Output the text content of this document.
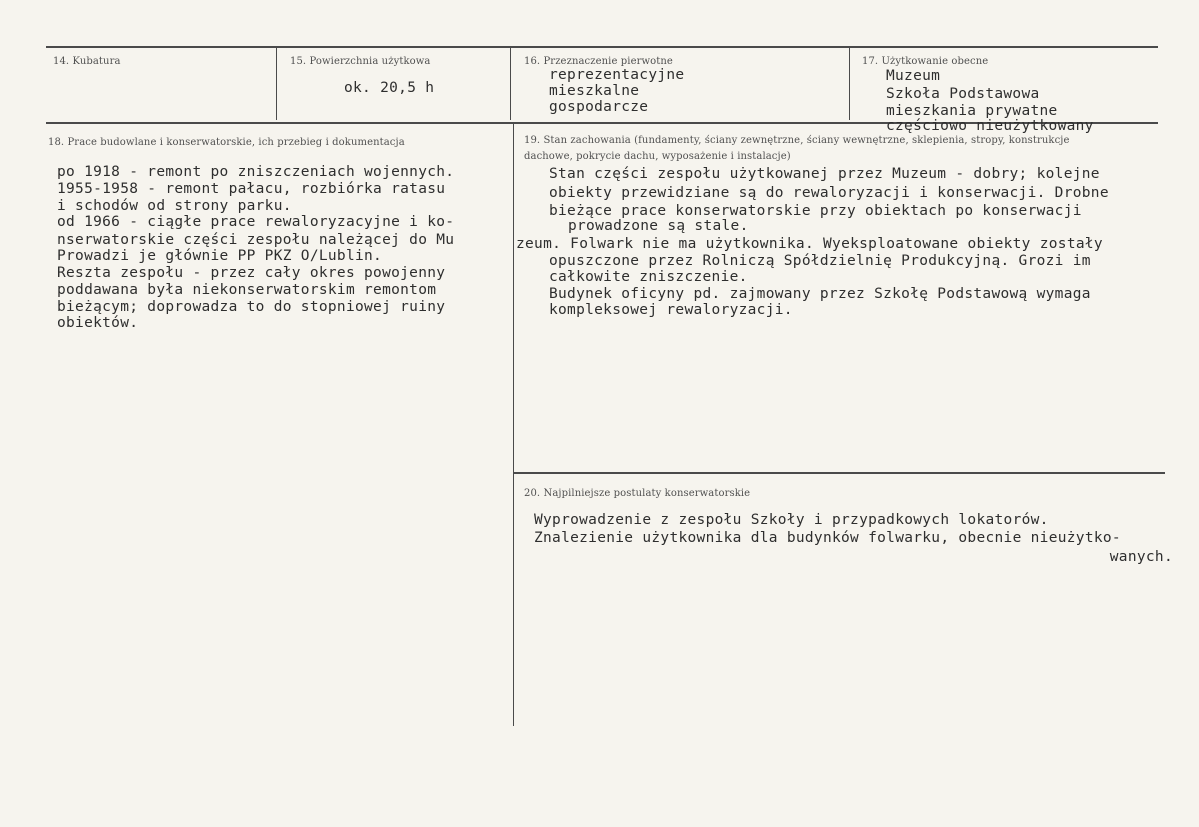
14. Kubatura	15. Powierzchnia użytkowa
ok. 20,5 h
16. Przeznaczenie pierwotne
reprezentacyjne
mieszkalne
gospodarcze
17. Użytkowanie obecne
Muzeum
Szkoła Podstawowa
mieszkania prywatne
częściowo nieużytkowany
18. Prace budowlane i konserwatorskie, ich przebieg i dokumentacja
po 1918 - remont po zniszczeniach wojennych.
1955-1958 - remont pałacu, rozbiórka ratasu
i schodów od strony parku.
od 1966 - ciągłe prace rewaloryzacyjne i ko-
nserwatorskie części zespołu należącej do Mu
Prowadzi je głównie PP PKZ O/Lublin.
Reszta zespołu - przez cały okres powojenny
poddawana była niekonserwatorskim remontom
bieżącym; doprowadza to do stopniowej ruiny
obiektów.
19. Stan zachowania (fundamenty, ściany zewnętrzne, ściany wewnętrzne, sklepienia, stropy, konstrukcje
dachowe, pokrycie dachu, wyposażenie i instalacje)
Stan części zespołu użytkowanej przez Muzeum - dobry; kolejne
obiekty przewidziane są do rewaloryzacji i konserwacji. Drobne
bieżące prace konserwatorskie przy obiektach po konserwacji
prowadzone są stale.
zeum. Folwark nie ma użytkownika. Wyeksploatowane obiekty zostały
opuszczone przez Rolniczą Spółdzielnię Produkcyjną. Grozi im
całkowite zniszczenie.
Budynek oficyny pd. zajmowany przez Szkołę Podstawową wymaga
kompleksowej rewaloryzacji.
20. Najpilniejsze postulaty konserwatorskie
Wyprowadzenie z zespołu Szkoły i przypadkowych lokatorów.
Znalezienie użytkownika dla budynków folwarku, obecnie nieużytko-
wanych.
